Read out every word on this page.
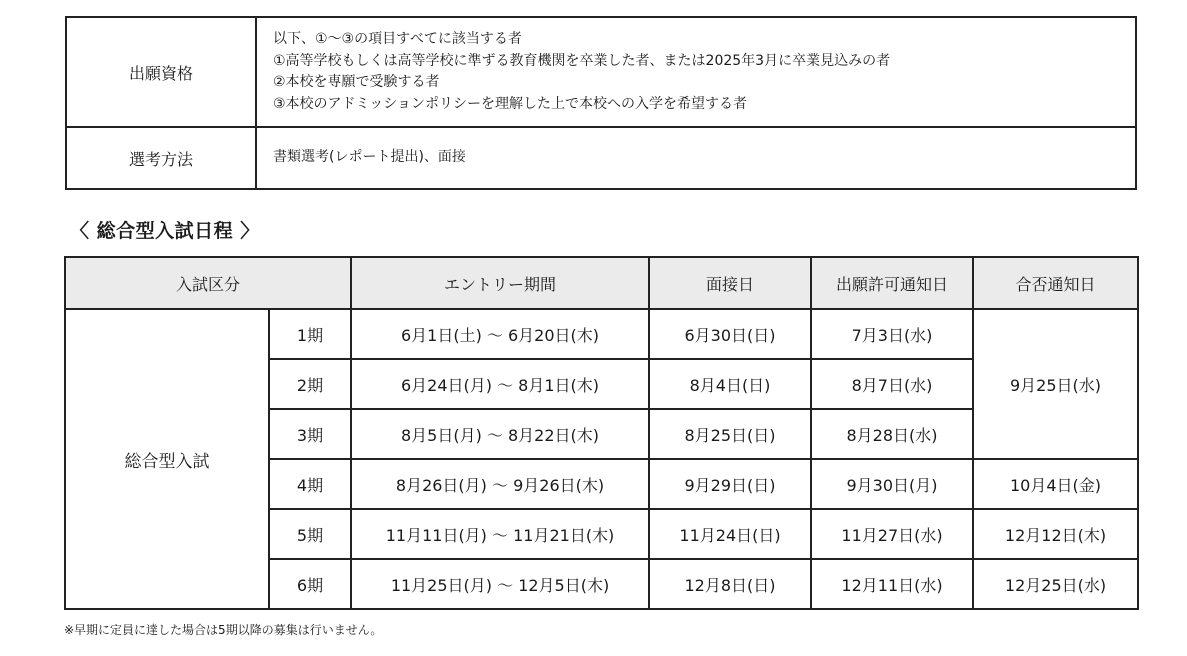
出願資格	以下、①〜③の項目すべてに該当する者
①高等学校もしくは高等学校に準ずる教育機関を卒業した者、または2025年3月に卒業見込みの者
②本校を専願で受験する者
③本校のアドミッションポリシーを理解した上で本校への入学を希望する者

選考方法	書類選考(レポート提出)、面接
〈 総合型入試日程 〉
入試区分		エントリー期間	面接日	出願許可通知日	合否通知日
総合型入試	1期	6月1日(土) 〜 6月20日(木)	6月30日(日)	7月3日(水)	9月25日(水)
	2期	6月24日(月) 〜 8月1日(木)	8月4日(日)	8月7日(水)	
	3期	8月5日(月) 〜 8月22日(木)	8月25日(日)	8月28日(水)	
	4期	8月26日(月) 〜 9月26日(木)	9月29日(日)	9月30日(月)	10月4日(金)
	5期	11月11日(月) 〜 11月21日(木)	11月24日(日)	11月27日(水)	12月12日(木)
	6期	11月25日(月) 〜 12月5日(木)	12月8日(日)	12月11日(水)	12月25日(水)
※早期に定員に達した場合は5期以降の募集は行いません。
